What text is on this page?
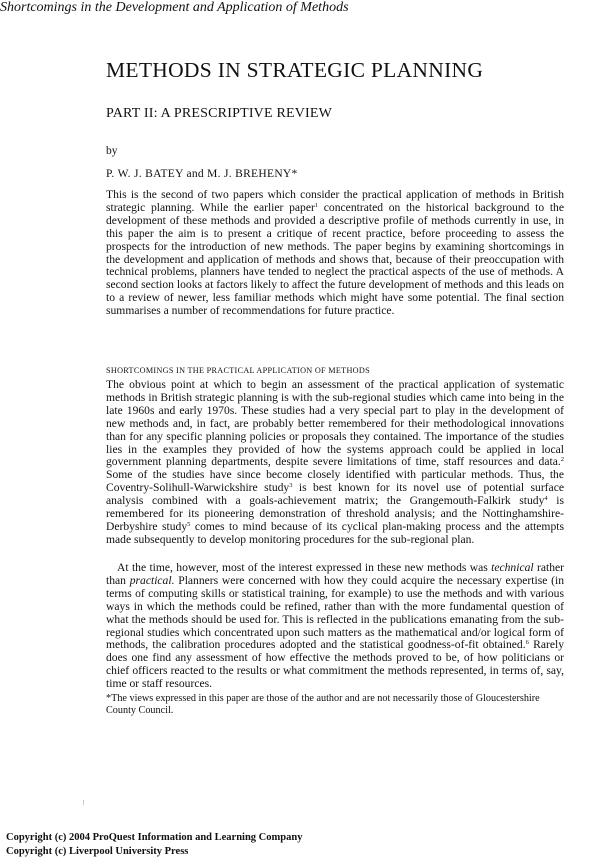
METHODS IN STRATEGIC PLANNING
PART II: A PRESCRIPTIVE REVIEW
by
P. W. J. BATEY and M. J. BREHENY*

This is the second of two papers which consider the practical application of methods in British strategic planning. While the earlier paper$^1$ concentrated on the historical background to the development of these methods and provided a descriptive profile of methods currently in use, in this paper the aim is to present a critique of recent practice, before proceeding to assess the prospects for the introduction of new methods. The paper begins by examining shortcomings in the development and application of methods and shows that, because of their preoccupation with technical problems, planners have tended to neglect the practical aspects of the use of methods. A second section looks at factors likely to affect the future development of methods and this leads on to a review of newer, less familiar methods which might have some potential. The final section summarises a number of recommendations for future practice.

Shortcomings in the Development and Application of Methods
SHORTCOMINGS IN THE PRACTICAL APPLICATION OF METHODS

The obvious point at which to begin an assessment of the practical application of systematic methods in British strategic planning is with the sub-regional studies which came into being in the late 1960s and early 1970s. These studies had a very special part to play in the development of new methods and, in fact, are probably better remembered for their methodological innovations than for any specific planning policies or proposals they contained. The importance of the studies lies in the examples they provided of how the systems approach could be applied in local government planning departments, despite severe limitations of time, staff resources and data.$^2$ Some of the studies have since become closely identified with particular methods. Thus, the Coventry-Solihull-Warwickshire study$^3$ is best known for its novel use of potential surface analysis combined with a goals-achievement matrix; the Grangemouth-Falkirk study$^4$ is remembered for its pioneering demonstration of threshold analysis; and the Nottinghamshire-Derbyshire study$^5$ comes to mind because of its cyclical plan-making process and the attempts made subsequently to develop monitoring procedures for the sub-regional plan.

At the time, however, most of the interest expressed in these new methods was technical rather than practical. Planners were concerned with how they could acquire the necessary expertise (in terms of computing skills or statistical training, for example) to use the methods and with various ways in which the methods could be refined, rather than with the more fundamental question of what the methods should be used for. This is reflected in the publications emanating from the sub-regional studies which concentrated upon such matters as the mathematical and/or logical form of methods, the calibration procedures adopted and the statistical goodness-of-fit obtained.$^6$ Rarely does one find any assessment of how effective the methods proved to be, of how politicians or chief officers reacted to the results or what commitment the methods represented, in terms of, say, time or staff resources.

*The views expressed in this paper are those of the author and are not necessarily those of Gloucestershire County Council.

Copyright (c) 2004 ProQuest Information and Learning Company
Copyright (c) Liverpool University Press
